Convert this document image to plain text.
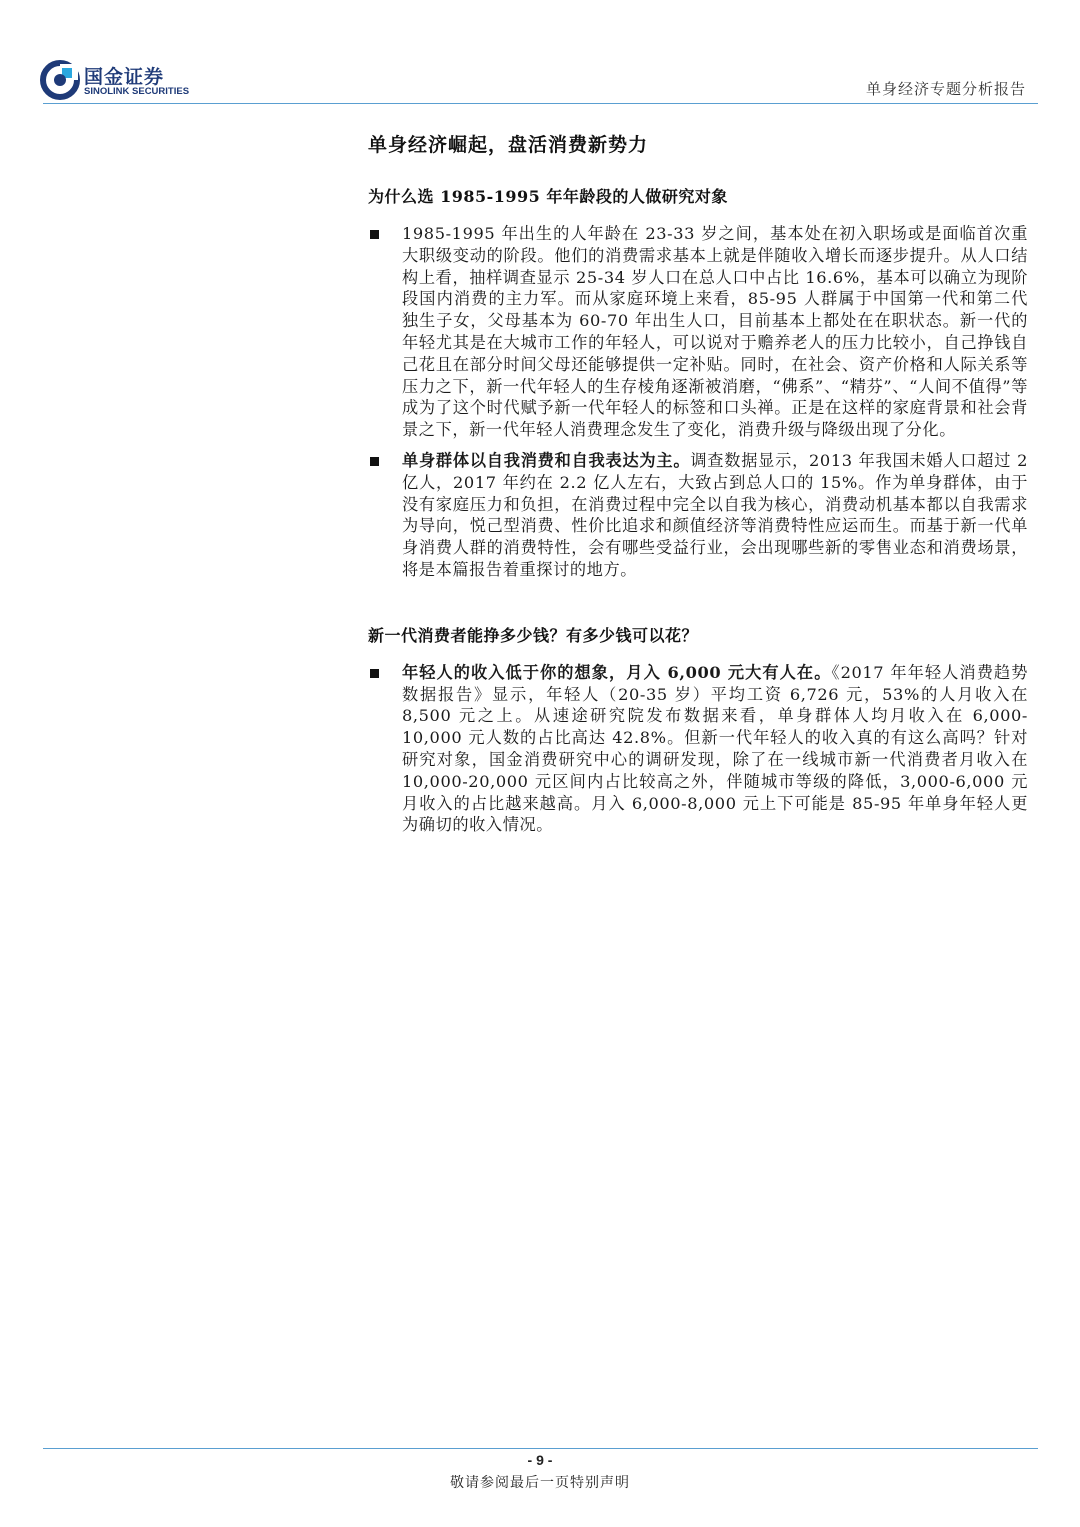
国金证券
SINOLINK SECURITIES	单身经济专题分析报告
单身经济崛起，盘活消费新势力
为什么选 1985-1995 年年龄段的人做研究对象
1985-1995 年出生的人年龄在 23-33 岁之间，基本处在初入职场或是面临首次重大职级变动的阶段。他们的消费需求基本上就是伴随收入增长而逐步提升。从人口结构上看，抽样调查显示 25-34 岁人口在总人口中占比 16.6%，基本可以确立为现阶段国内消费的主力军。而从家庭环境上来看，85-95 人群属于中国第一代和第二代独生子女，父母基本为 60-70 年出生人口，目前基本上都处在在职状态。新一代的年轻尤其是在大城市工作的年轻人，可以说对于赡养老人的压力比较小，自己挣钱自己花且在部分时间父母还能够提供一定补贴。同时，在社会、资产价格和人际关系等压力之下，新一代年轻人的生存棱角逐渐被消磨，“佛系”、“精芬”、“人间不值得”等成为了这个时代赋予新一代年轻人的标签和口头禅。正是在这样的家庭背景和社会背景之下，新一代年轻人消费理念发生了变化，消费升级与降级出现了分化。
单身群体以自我消费和自我表达为主。调查数据显示，2013 年我国未婚人口超过 2 亿人，2017 年约在 2.2 亿人左右，大致占到总人口的 15%。作为单身群体，由于没有家庭压力和负担，在消费过程中完全以自我为核心，消费动机基本都以自我需求为导向，悦己型消费、性价比追求和颜值经济等消费特性应运而生。而基于新一代单身消费人群的消费特性，会有哪些受益行业，会出现哪些新的零售业态和消费场景，将是本篇报告着重探讨的地方。
新一代消费者能挣多少钱？有多少钱可以花？
年轻人的收入低于你的想象，月入 6,000 元大有人在。《2017 年年轻人消费趋势数据报告》显示，年轻人（20-35 岁）平均工资 6,726 元，53%的人月收入在 8,500 元之上。从速途研究院发布数据来看，单身群体人均月收入在 6,000-10,000 元人数的占比高达 42.8%。但新一代年轻人的收入真的有这么高吗？针对研究对象，国金消费研究中心的调研发现，除了在一线城市新一代消费者月收入在 10,000-20,000 元区间内占比较高之外，伴随城市等级的降低，3,000-6,000 元月收入的占比越来越高。月入 6,000-8,000 元上下可能是 85-95 年单身年轻人更为确切的收入情况。
- 9 -
敬请参阅最后一页特别声明
